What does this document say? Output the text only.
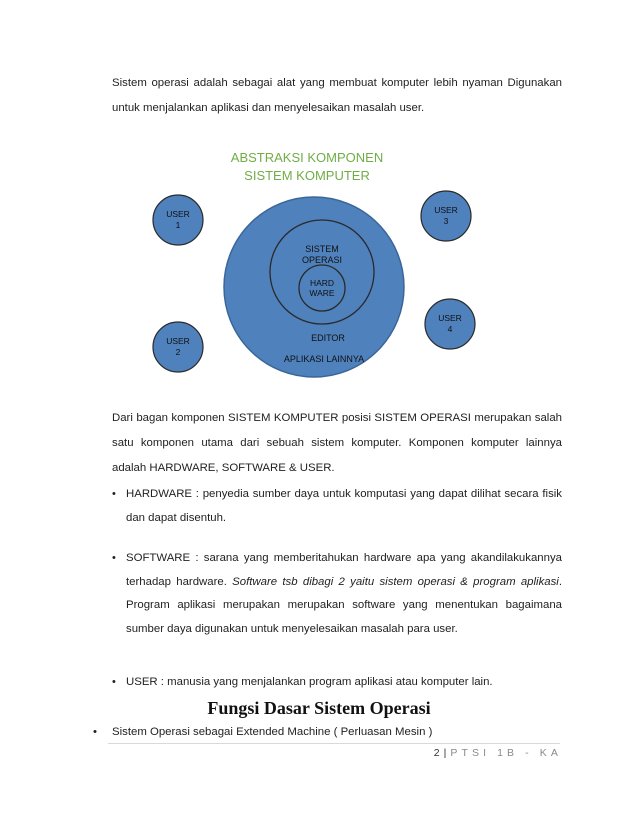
Sistem operasi adalah sebagai alat yang membuat komputer lebih nyaman Digunakan untuk menjalankan aplikasi dan menyelesaikan masalah user.
ABSTRAKSI KOMPONEN
SISTEM KOMPUTER
SISTEM
OPERASI
HARD
WARE
EDITOR
APLIKASI LAINNYA
USER
1
USER
2
USER
3
USER
4
Dari bagan komponen SISTEM KOMPUTER posisi SISTEM OPERASI merupakan salah satu komponen utama dari sebuah sistem komputer. Komponen komputer lainnya adalah HARDWARE, SOFTWARE & USER.
• HARDWARE : penyedia sumber daya untuk komputasi yang dapat dilihat secara fisik dan dapat disentuh.
• SOFTWARE : sarana yang memberitahukan hardware apa yang akandilakukannya terhadap hardware. Software tsb dibagi 2 yaitu sistem operasi & program aplikasi. Program aplikasi merupakan merupakan software yang menentukan bagaimana sumber daya digunakan untuk menyelesaikan masalah para user.
• USER : manusia yang menjalankan program aplikasi atau komputer lain.
Fungsi Dasar Sistem Operasi
• Sistem Operasi sebagai Extended Machine ( Perluasan Mesin )
2 | PTSI 1B - KA
